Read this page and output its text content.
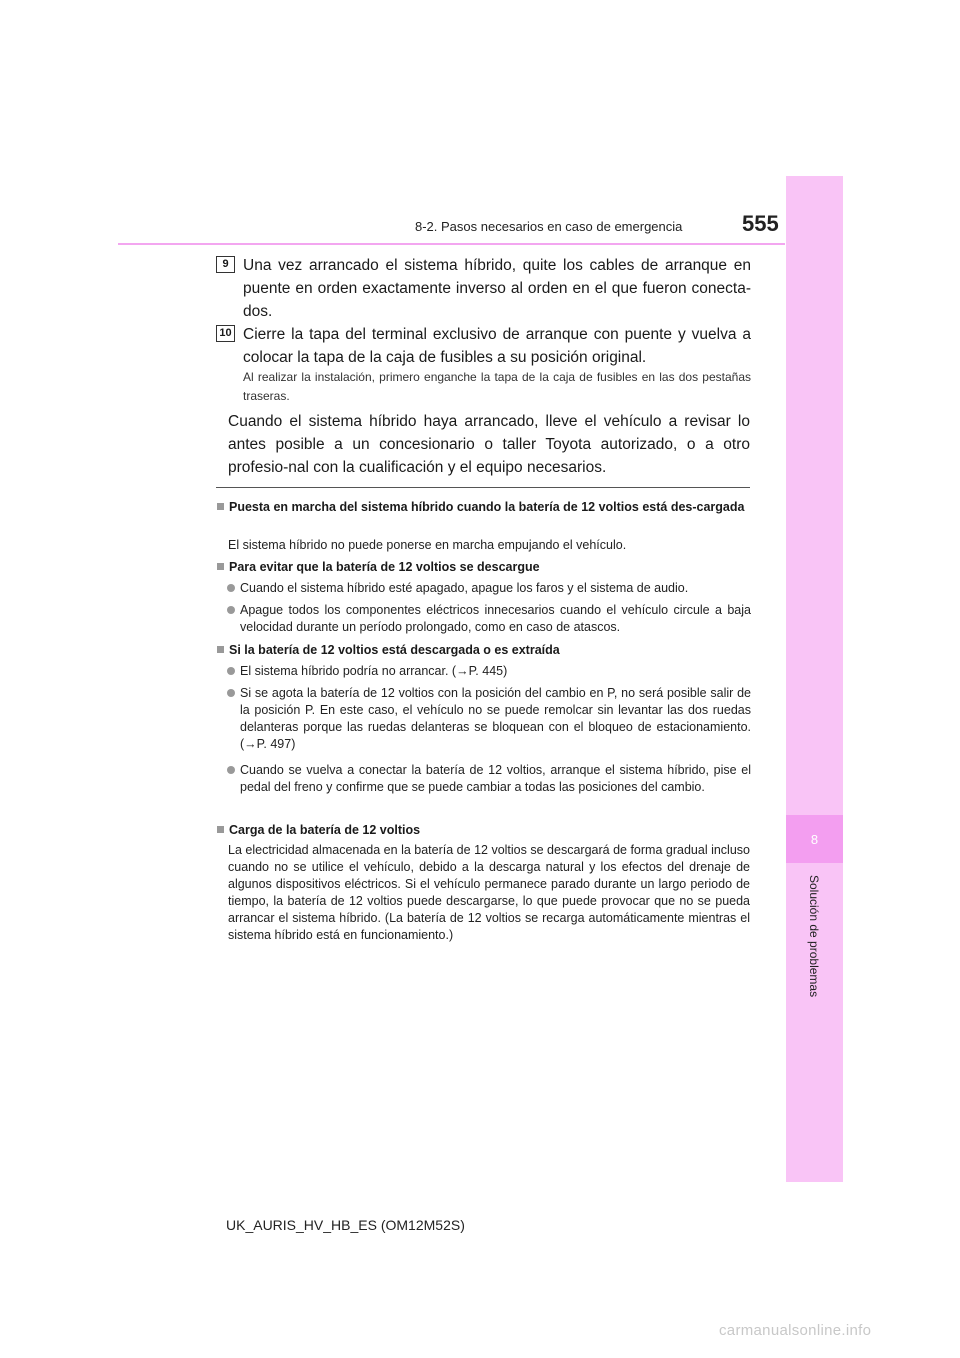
8
Solución de problemas
8-2. Pasos necesarios en caso de emergencia	555
9 Una vez arrancado el sistema híbrido, quite los cables de arranque en puente en orden exactamente inverso al orden en el que fueron conecta-dos.
10 Cierre la tapa del terminal exclusivo de arranque con puente y vuelva a colocar la tapa de la caja de fusibles a su posición original.
Al realizar la instalación, primero enganche la tapa de la caja de fusibles en las dos pestañas traseras.
Cuando el sistema híbrido haya arrancado, lleve el vehículo a revisar lo antes posible a un concesionario o taller Toyota autorizado, o a otro profesio-nal con la cualificación y el equipo necesarios.
Puesta en marcha del sistema híbrido cuando la batería de 12 voltios está des-cargada
El sistema híbrido no puede ponerse en marcha empujando el vehículo.
Para evitar que la batería de 12 voltios se descargue
Cuando el sistema híbrido esté apagado, apague los faros y el sistema de audio.
Apague todos los componentes eléctricos innecesarios cuando el vehículo circule a baja velocidad durante un período prolongado, como en caso de atascos.
Si la batería de 12 voltios está descargada o es extraída
El sistema híbrido podría no arrancar. (→P. 445)
Si se agota la batería de 12 voltios con la posición del cambio en P, no será posible salir de la posición P. En este caso, el vehículo no se puede remolcar sin levantar las dos ruedas delanteras porque las ruedas delanteras se bloquean con el bloqueo de estacionamiento. (→P. 497)
Cuando se vuelva a conectar la batería de 12 voltios, arranque el sistema híbrido, pise el pedal del freno y confirme que se puede cambiar a todas las posiciones del cambio.
Carga de la batería de 12 voltios
La electricidad almacenada en la batería de 12 voltios se descargará de forma gradual incluso cuando no se utilice el vehículo, debido a la descarga natural y los efectos del drenaje de algunos dispositivos eléctricos. Si el vehículo permanece parado durante un largo periodo de tiempo, la batería de 12 voltios puede descargarse, lo que puede provocar que no se pueda arrancar el sistema híbrido. (La batería de 12 voltios se recarga automáticamente mientras el sistema híbrido está en funcionamiento.)
UK_AURIS_HV_HB_ES (OM12M52S)
carmanualsonline.info
